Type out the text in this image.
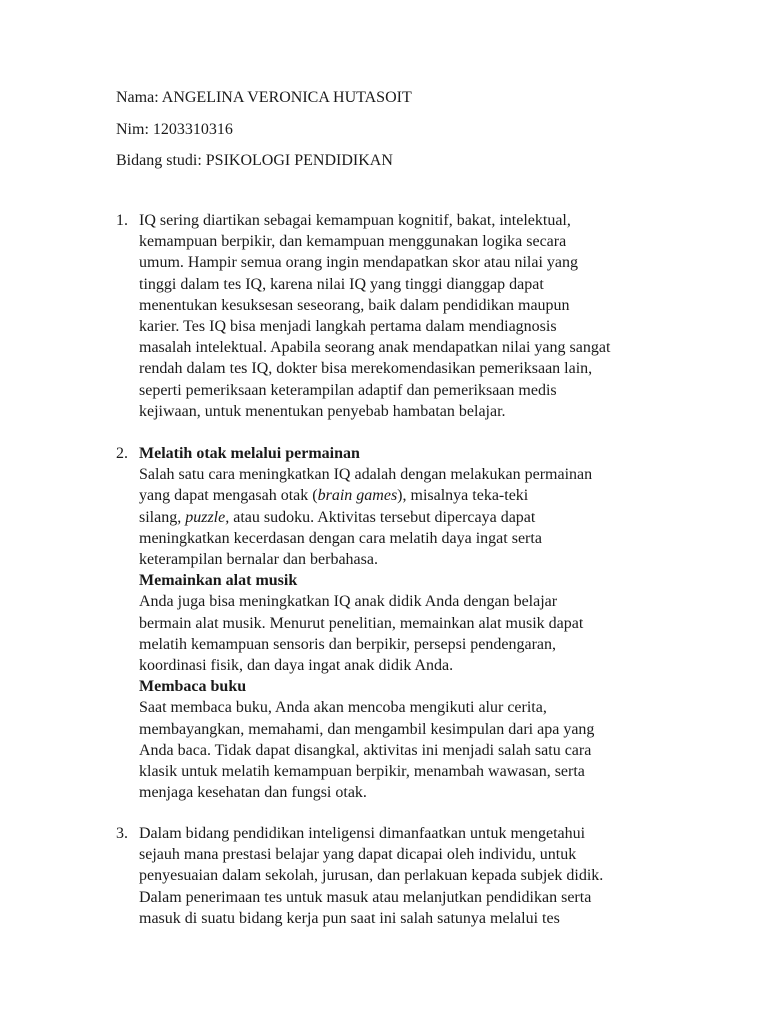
Nama: ANGELINA VERONICA HUTASOIT
Nim: 1203310316
Bidang studi: PSIKOLOGI PENDIDIKAN
1. IQ sering diartikan sebagai kemampuan kognitif, bakat, intelektual,
kemampuan berpikir, dan kemampuan menggunakan logika secara
umum. Hampir semua orang ingin mendapatkan skor atau nilai yang
tinggi dalam tes IQ, karena nilai IQ yang tinggi dianggap dapat
menentukan kesuksesan seseorang, baik dalam pendidikan maupun
karier. Tes IQ bisa menjadi langkah pertama dalam mendiagnosis
masalah intelektual. Apabila seorang anak mendapatkan nilai yang sangat
rendah dalam tes IQ, dokter bisa merekomendasikan pemeriksaan lain,
seperti pemeriksaan keterampilan adaptif dan pemeriksaan medis
kejiwaan, untuk menentukan penyebab hambatan belajar.
2. Melatih otak melalui permainan
Salah satu cara meningkatkan IQ adalah dengan melakukan permainan
yang dapat mengasah otak (brain games), misalnya teka-teki
silang, puzzle, atau sudoku. Aktivitas tersebut dipercaya dapat
meningkatkan kecerdasan dengan cara melatih daya ingat serta
keterampilan bernalar dan berbahasa.
Memainkan alat musik
Anda juga bisa meningkatkan IQ anak didik Anda dengan belajar
bermain alat musik. Menurut penelitian, memainkan alat musik dapat
melatih kemampuan sensoris dan berpikir, persepsi pendengaran,
koordinasi fisik, dan daya ingat anak didik Anda.
Membaca buku
Saat membaca buku, Anda akan mencoba mengikuti alur cerita,
membayangkan, memahami, dan mengambil kesimpulan dari apa yang
Anda baca. Tidak dapat disangkal, aktivitas ini menjadi salah satu cara
klasik untuk melatih kemampuan berpikir, menambah wawasan, serta
menjaga kesehatan dan fungsi otak.
3. Dalam bidang pendidikan inteligensi dimanfaatkan untuk mengetahui
sejauh mana prestasi belajar yang dapat dicapai oleh individu, untuk
penyesuaian dalam sekolah, jurusan, dan perlakuan kepada subjek didik.
Dalam penerimaan tes untuk masuk atau melanjutkan pendidikan serta
masuk di suatu bidang kerja pun saat ini salah satunya melalui tes
